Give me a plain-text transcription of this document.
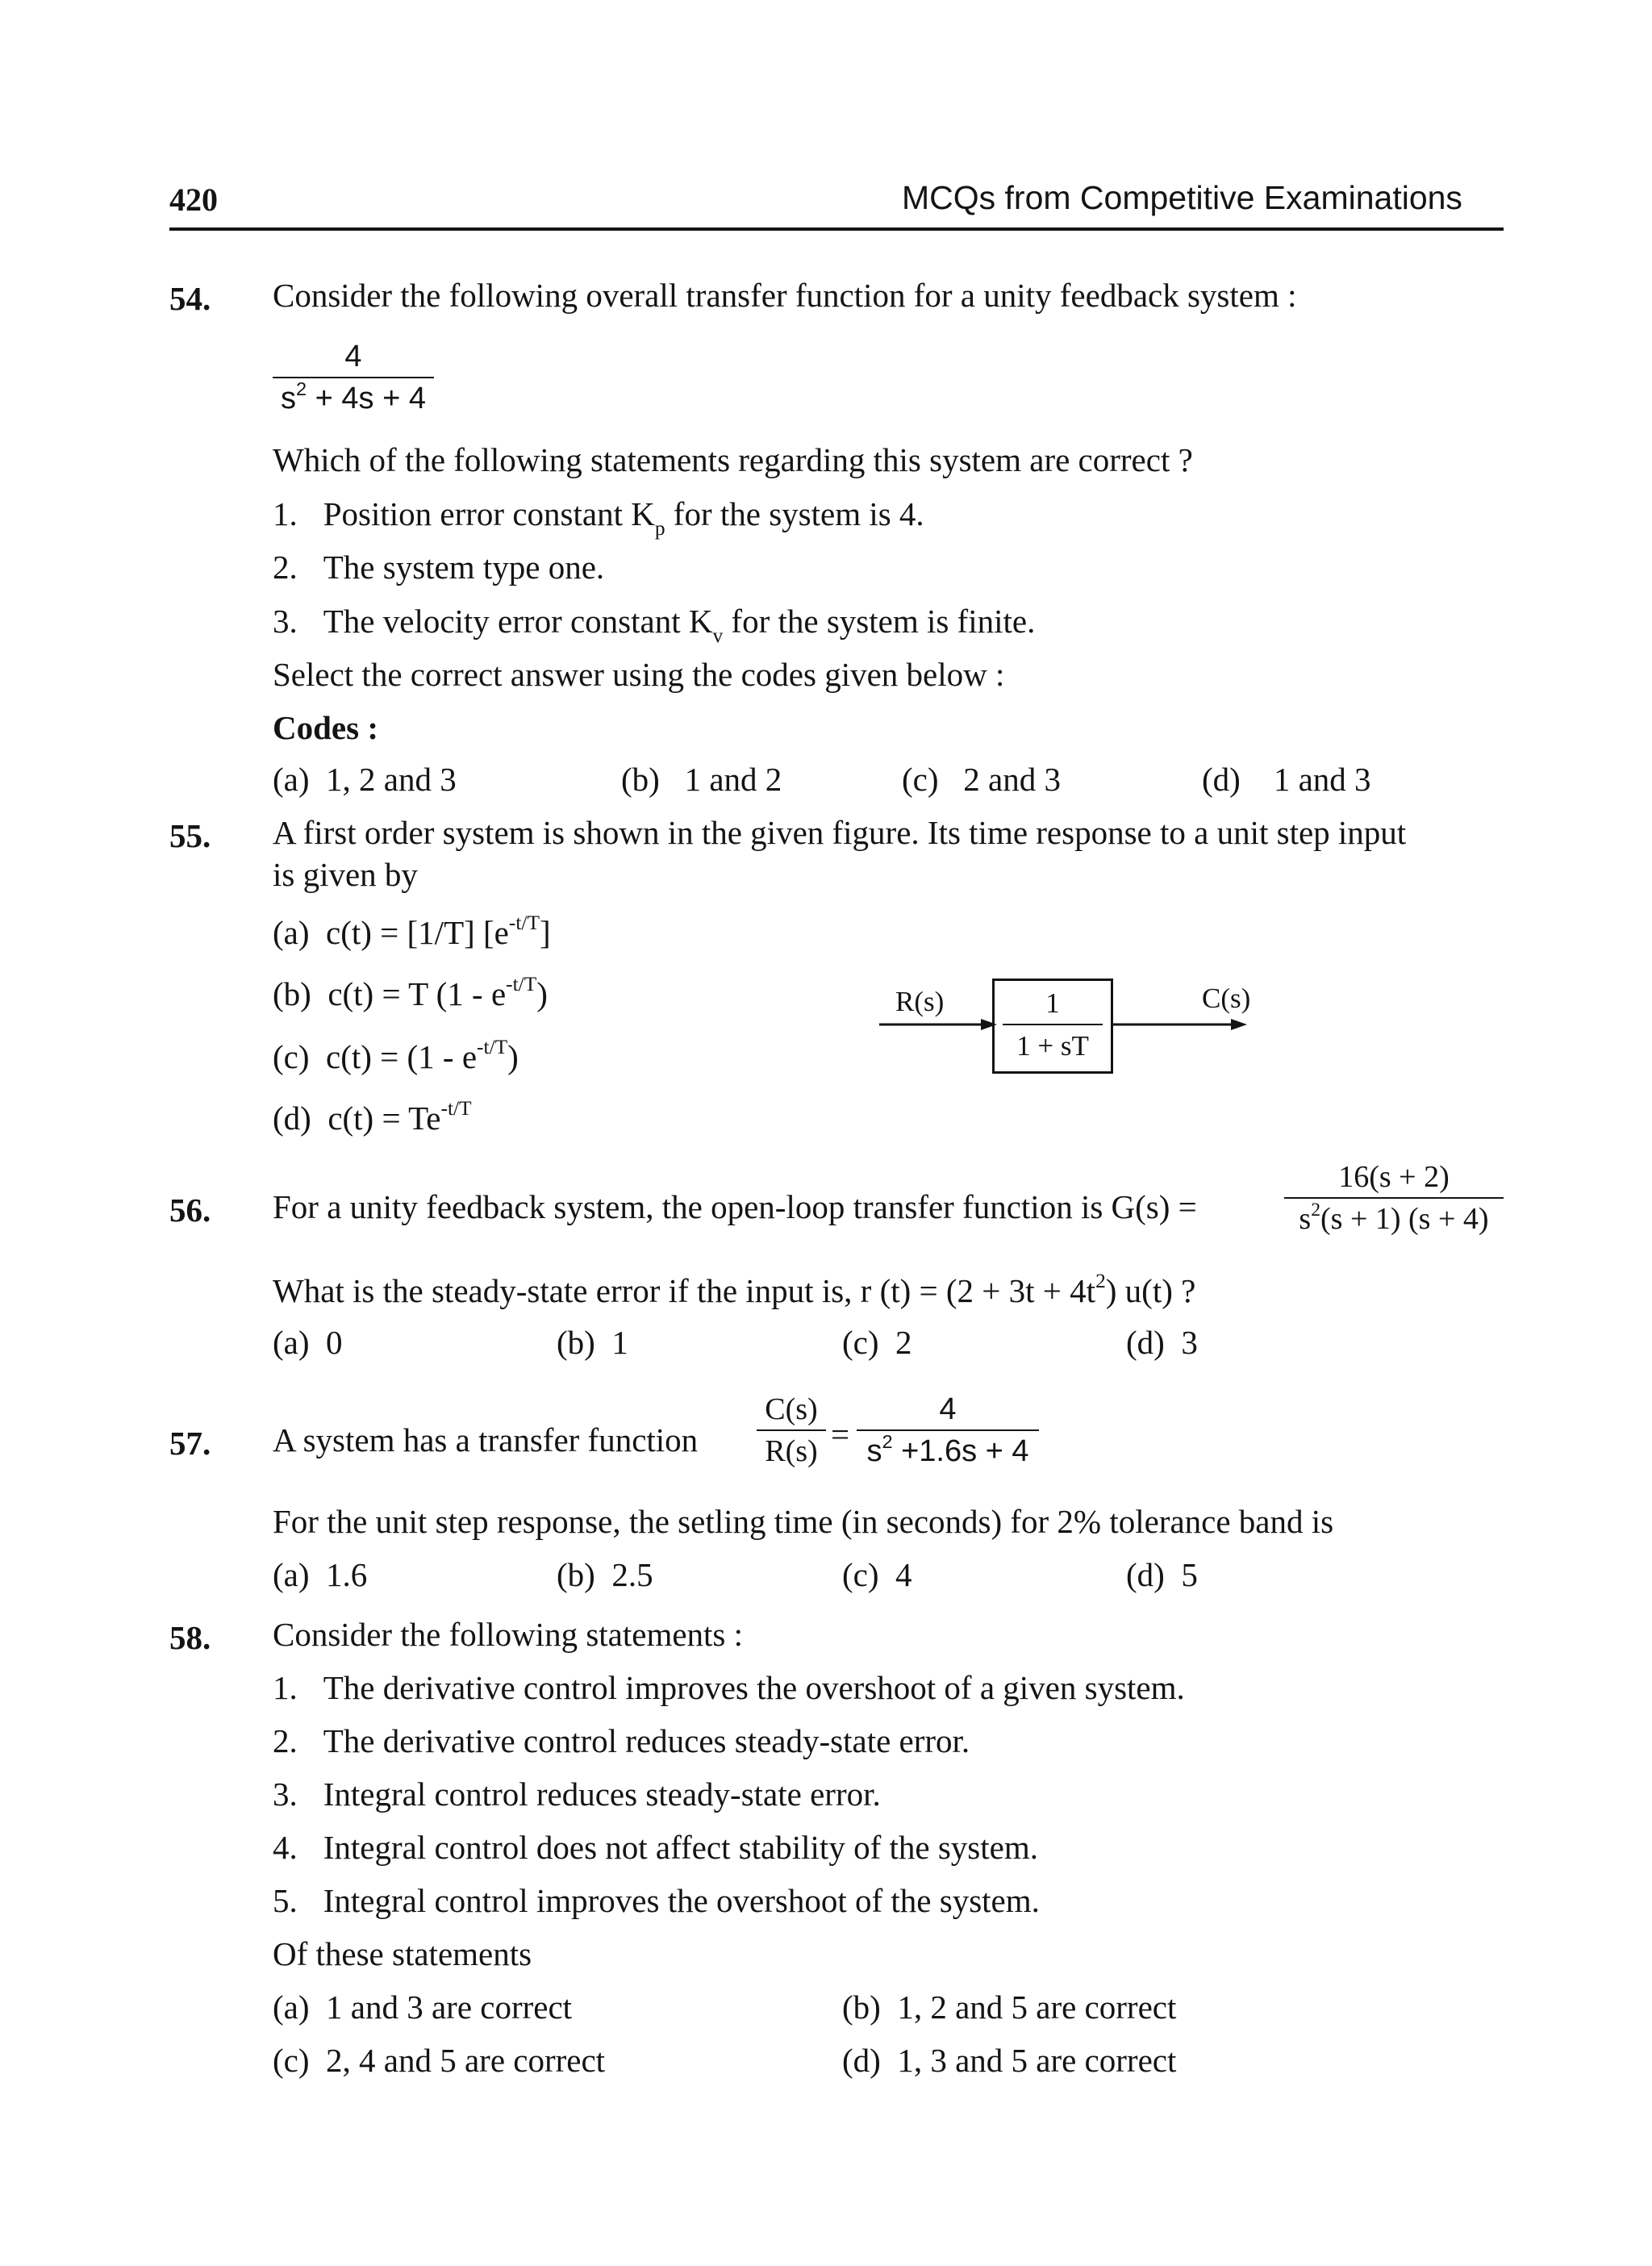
420	MCQs from Competitive Examinations
54. Consider the following overall transfer function for a unity feedback system :
4
$s^2 + 4s + 4$
Which of the following statements regarding this system are correct ?
1. Position error constant $K_p$ for the system is 4.
2. The system type one.
3. The velocity error constant $K_v$ for the system is finite.
Select the correct answer using the codes given below :
Codes :
(a) 1, 2 and 3	(b) 1 and 2	(c) 2 and 3	(d) 1 and 3
55. A first order system is shown in the given figure. Its time response to a unit step input
is given by
(a) c(t) = [1/T] $[e^{-t/T}]$
(b) c(t) = T $(1 - e^{-t/T})$
(c) $c(t) = (1 - e^{-t/T})$
(d) $c(t) = Te^{-t/T}$
R(s)	C(s)
1
1 + sT
56. For a unity feedback system, the open-loop transfer function is G(s) =
16(s + 2)
$s^2(s + 1) (s + 4)$
What is the steady-state error if the input is, r $(t) = (2 + 3t + 4t^2)$ u(t) ?
(a) 0	(b) 1	(c) 2	(d) 3
57. A system has a transfer function
C(s)
R(s) =
4
$s^2 +1.6s + 4$
For the unit step response, the setling time (in seconds) for 2% tolerance band is
(a) 1.6	(b) 2.5	(c) 4	(d) 5
58. Consider the following statements :
1. The derivative control improves the overshoot of a given system.
2. The derivative control reduces steady-state error.
3. Integral control reduces steady-state error.
4. Integral control does not affect stability of the system.
5. Integral control improves the overshoot of the system.
Of these statements
(a) 1 and 3 are correct	(b) 1, 2 and 5 are correct
(c) 2, 4 and 5 are correct	(d) 1, 3 and 5 are correct
